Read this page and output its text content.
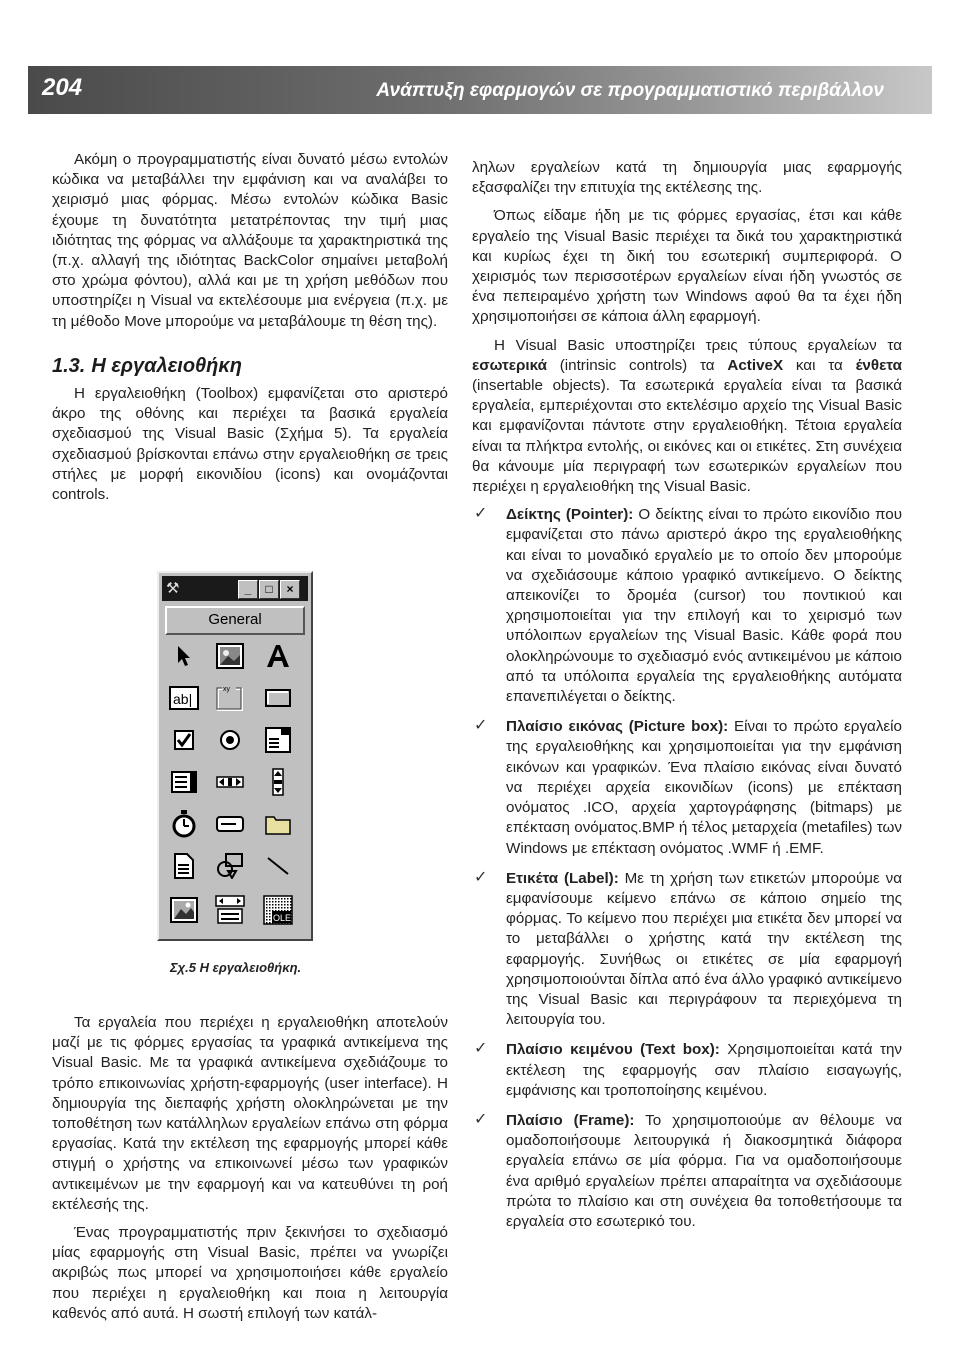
204	Ανάπτυξη εφαρμογών σε προγραμματιστικό περιβάλλον

Ακόμη ο προγραμματιστής είναι δυνατό μέσω εντολών κώδικα να μεταβάλλει την εμφάνιση και να αναλάβει το χειρισμό μιας φόρμας. Μέσω εντολών κώδικα Basic έχουμε τη δυνατότητα μετατρέποντας την τιμή μιας ιδιότητας της φόρμας να αλλάξουμε τα χαρακτηριστικά της (π.χ. αλλαγή της ιδιότητας BackColor σημαίνει μεταβολή στο χρώμα φόντου), αλλά και με τη χρήση μεθόδων που υποστηρίζει η Visual να εκτελέσουμε μια ενέργεια (π.χ. με τη μέθοδο Move μπορούμε να μεταβάλουμε τη θέση της).

1.3. Η εργαλειοθήκη

Η εργαλειοθήκη (Toolbox) εμφανίζεται στο αριστερό άκρο της οθόνης και περιέχει τα βασικά εργαλεία σχεδιασμού της Visual Basic (Σχήμα 5). Τα εργαλεία σχεδιασμού βρίσκονται επάνω στην εργαλειοθήκη σε τρεις στήλες με μορφή εικονιδίου (icons) και ονομάζονται controls.

⚒	_	□	×
General
ab|
xy
OLE
Σχ.5 Η εργαλειοθήκη.

Τα εργαλεία που περιέχει η εργαλειοθήκη αποτελούν μαζί με τις φόρμες εργασίας τα γραφικά αντικείμενα της Visual Basic. Με τα γραφικά αντικείμενα σχεδιάζουμε το τρόπο επικοινωνίας χρήστη-εφαρμογής (user interface). Η δημιουργία της διεπαφής χρήστη ολοκληρώνεται με την τοποθέτηση των κατάλληλων εργαλείων επάνω στη φόρμα εργασίας. Κατά την εκτέλεση της εφαρμογής μπορεί κάθε στιγμή ο χρήστης να επικοινωνεί μέσω των γραφικών αντικειμένων με την εφαρμογή και να κατευθύνει τη ροή εκτέλεσής της.

Ένας προγραμματιστής πριν ξεκινήσει το σχεδιασμό μίας εφαρμογής στη Visual Basic, πρέπει να γνωρίζει ακριβώς πως μπορεί να χρησιμοποιήσει κάθε εργαλείο που περιέχει η εργαλειοθήκη και ποια η λειτουργία καθενός από αυτά. Η σωστή επιλογή των κατάλ-

ληλων εργαλείων κατά τη δημιουργία μιας εφαρμογής εξασφαλίζει την επιτυχία της εκτέλεσης της.

Όπως είδαμε ήδη με τις φόρμες εργασίας, έτσι και κάθε εργαλείο της Visual Basic περιέχει τα δικά του χαρακτηριστικά και κυρίως έχει τη δική του εσωτερική συμπεριφορά. Ο χειρισμός των περισσοτέρων εργαλείων είναι ήδη γνωστός σε ένα πεπειραμένο χρήστη των Windows αφού θα τα έχει ήδη χρησιμοποιήσει σε κάποια άλλη εφαρμογή.

Η Visual Basic υποστηρίζει τρεις τύπους εργαλείων τα εσωτερικά (intrinsic controls) τα ActiveX και τα ένθετα (insertable objects). Τα εσωτερικά εργαλεία είναι τα βασικά εργαλεία, εμπεριέχονται στο εκτελέσιμο αρχείο της Visual Basic και εμφανίζονται πάντοτε στην εργαλειοθήκη. Τέτοια εργαλεία είναι τα πλήκτρα εντολής, οι εικόνες και οι ετικέτες. Στη συνέχεια θα κάνουμε μία περιγραφή των εσωτερικών εργαλείων που περιέχει η εργαλειοθήκη της Visual Basic.

✓ Δείκτης (Pointer): Ο δείκτης είναι το πρώτο εικονίδιο που εμφανίζεται στο πάνω αριστερό άκρο της εργαλειοθήκης και είναι το μοναδικό εργαλείο με το οποίο δεν μπορούμε να σχεδιάσουμε κάποιο γραφικό αντικείμενο. Ο δείκτης απεικονίζει το δρομέα (cursor) του ποντικιού και χρησιμοποιείται για την επιλογή και το χειρισμό των υπόλοιπων εργαλείων της Visual Basic. Κάθε φορά που ολοκληρώνουμε το σχεδιασμό ενός αντικειμένου με κάποιο από τα υπόλοιπα εργαλεία της εργαλειοθήκης αυτόματα επανεπιλέγεται ο δείκτης.
✓ Πλαίσιο εικόνας (Picture box): Είναι το πρώτο εργαλείο της εργαλειοθήκης και χρησιμοποιείται για την εμφάνιση εικόνων και γραφικών. Ένα πλαίσιο εικόνας είναι δυνατό να περιέχει αρχεία εικονιδίων (icons) με επέκταση ονόματος .ICO, αρχεία χαρτογράφησης (bitmaps) με επέκταση ονόματος.BMP ή τέλος μεταρχεία (metafiles) των Windows με επέκταση ονόματος .WMF ή .EMF.
✓ Ετικέτα (Label): Με τη χρήση των ετικετών μπορούμε να εμφανίσουμε κείμενο επάνω σε κάποιο σημείο της φόρμας. Το κείμενο που περιέχει μια ετικέτα δεν μπορεί να το μεταβάλλει ο χρήστης κατά την εκτέλεση της εφαρμογής. Συνήθως οι ετικέτες σε μία εφαρμογή χρησιμοποιούνται δίπλα από ένα άλλο γραφικό αντικείμενο της Visual Basic και περιγράφουν τα περιεχόμενα τη λειτουργία του.
✓ Πλαίσιο κειμένου (Text box): Χρησιμοποιείται κατά την εκτέλεση της εφαρμογής σαν πλαίσιο εισαγωγής, εμφάνισης και τροποποίησης κειμένου.
✓ Πλαίσιο (Frame): Το χρησιμοποιούμε αν θέλουμε να ομαδοποιήσουμε λειτουργικά ή διακοσμητικά διάφορα εργαλεία επάνω σε μία φόρμα. Για να ομαδοποιήσουμε ένα αριθμό εργαλείων πρέπει απαραίτητα να σχεδιάσουμε πρώτα το πλαίσιο και στη συνέχεια θα τοποθετήσουμε τα εργαλεία στο εσωτερικό του.
